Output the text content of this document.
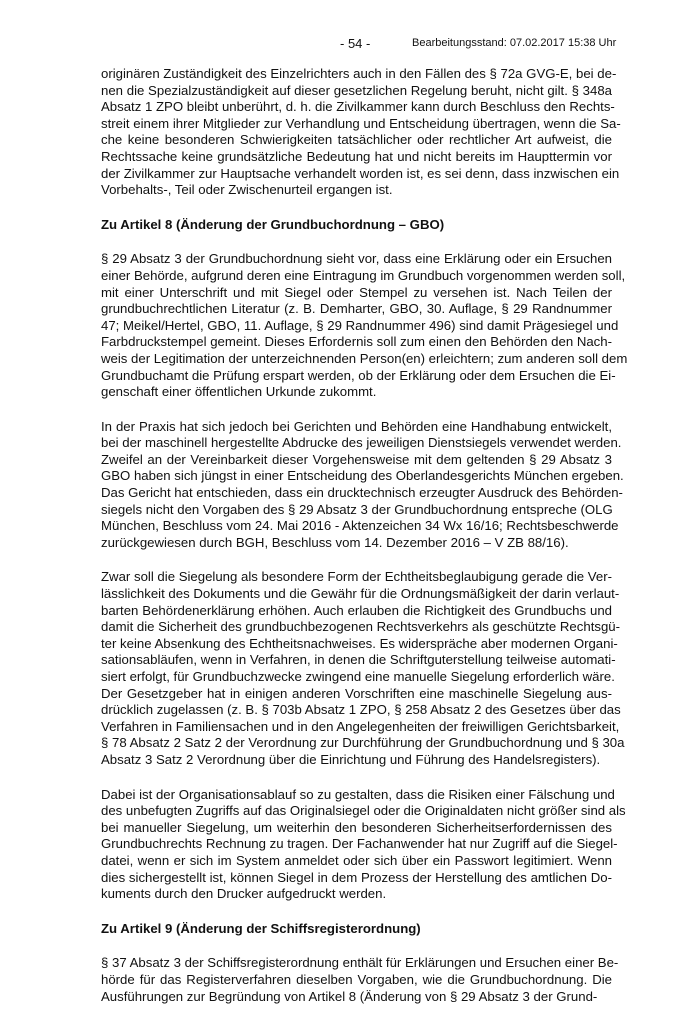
- 54 -	Bearbeitungsstand: 07.02.2017 15:38 Uhr
originären Zuständigkeit des Einzelrichters auch in den Fällen des § 72a GVG-E, bei de-
nen die Spezialzuständigkeit auf dieser gesetzlichen Regelung beruht, nicht gilt. § 348a
Absatz 1 ZPO bleibt unberührt, d. h. die Zivilkammer kann durch Beschluss den Rechts-
streit einem ihrer Mitglieder zur Verhandlung und Entscheidung übertragen, wenn die Sa-
che keine besonderen Schwierigkeiten tatsächlicher oder rechtlicher Art aufweist, die
Rechtssache keine grundsätzliche Bedeutung hat und nicht bereits im Haupttermin vor
der Zivilkammer zur Hauptsache verhandelt worden ist, es sei denn, dass inzwischen ein
Vorbehalts-, Teil oder Zwischenurteil ergangen ist.
Zu Artikel 8 (Änderung der Grundbuchordnung – GBO)
§ 29 Absatz 3 der Grundbuchordnung sieht vor, dass eine Erklärung oder ein Ersuchen
einer Behörde, aufgrund deren eine Eintragung im Grundbuch vorgenommen werden soll,
mit einer Unterschrift und mit Siegel oder Stempel zu versehen ist. Nach Teilen der
grundbuchrechtlichen Literatur (z. B. Demharter, GBO, 30. Auflage, § 29 Randnummer
47; Meikel/Hertel, GBO, 11. Auflage, § 29 Randnummer 496) sind damit Prägesiegel und
Farbdruckstempel gemeint. Dieses Erfordernis soll zum einen den Behörden den Nach-
weis der Legitimation der unterzeichnenden Person(en) erleichtern; zum anderen soll dem
Grundbuchamt die Prüfung erspart werden, ob der Erklärung oder dem Ersuchen die Ei-
genschaft einer öffentlichen Urkunde zukommt.
In der Praxis hat sich jedoch bei Gerichten und Behörden eine Handhabung entwickelt,
bei der maschinell hergestellte Abdrucke des jeweiligen Dienstsiegels verwendet werden.
Zweifel an der Vereinbarkeit dieser Vorgehensweise mit dem geltenden § 29 Absatz 3
GBO haben sich jüngst in einer Entscheidung des Oberlandesgerichts München ergeben.
Das Gericht hat entschieden, dass ein drucktechnisch erzeugter Ausdruck des Behörden-
siegels nicht den Vorgaben des § 29 Absatz 3 der Grundbuchordnung entspreche (OLG
München, Beschluss vom 24. Mai 2016 - Aktenzeichen 34 Wx 16/16; Rechtsbeschwerde
zurückgewiesen durch BGH, Beschluss vom 14. Dezember 2016 – V ZB 88/16).
Zwar soll die Siegelung als besondere Form der Echtheitsbeglaubigung gerade die Ver-
lässlichkeit des Dokuments und die Gewähr für die Ordnungsmäßigkeit der darin verlaut-
barten Behördenerklärung erhöhen. Auch erlauben die Richtigkeit des Grundbuchs und
damit die Sicherheit des grundbuchbezogenen Rechtsverkehrs als geschützte Rechtsgü-
ter keine Absenkung des Echtheitsnachweises. Es widerspräche aber modernen Organi-
sationsabläufen, wenn in Verfahren, in denen die Schriftguterstellung teilweise automati-
siert erfolgt, für Grundbuchzwecke zwingend eine manuelle Siegelung erforderlich wäre.
Der Gesetzgeber hat in einigen anderen Vorschriften eine maschinelle Siegelung aus-
drücklich zugelassen (z. B. § 703b Absatz 1 ZPO, § 258 Absatz 2 des Gesetzes über das
Verfahren in Familiensachen und in den Angelegenheiten der freiwilligen Gerichtsbarkeit,
§ 78 Absatz 2 Satz 2 der Verordnung zur Durchführung der Grundbuchordnung und § 30a
Absatz 3 Satz 2 Verordnung über die Einrichtung und Führung des Handelsregisters).
Dabei ist der Organisationsablauf so zu gestalten, dass die Risiken einer Fälschung und
des unbefugten Zugriffs auf das Originalsiegel oder die Originaldaten nicht größer sind als
bei manueller Siegelung, um weiterhin den besonderen Sicherheitserfordernissen des
Grundbuchrechts Rechnung zu tragen. Der Fachanwender hat nur Zugriff auf die Siegel-
datei, wenn er sich im System anmeldet oder sich über ein Passwort legitimiert. Wenn
dies sichergestellt ist, können Siegel in dem Prozess der Herstellung des amtlichen Do-
kuments durch den Drucker aufgedruckt werden.
Zu Artikel 9 (Änderung der Schiffsregisterordnung)
§ 37 Absatz 3 der Schiffsregisterordnung enthält für Erklärungen und Ersuchen einer Be-
hörde für das Registerverfahren dieselben Vorgaben, wie die Grundbuchordnung. Die
Ausführungen zur Begründung von Artikel 8 (Änderung von § 29 Absatz 3 der Grund-
